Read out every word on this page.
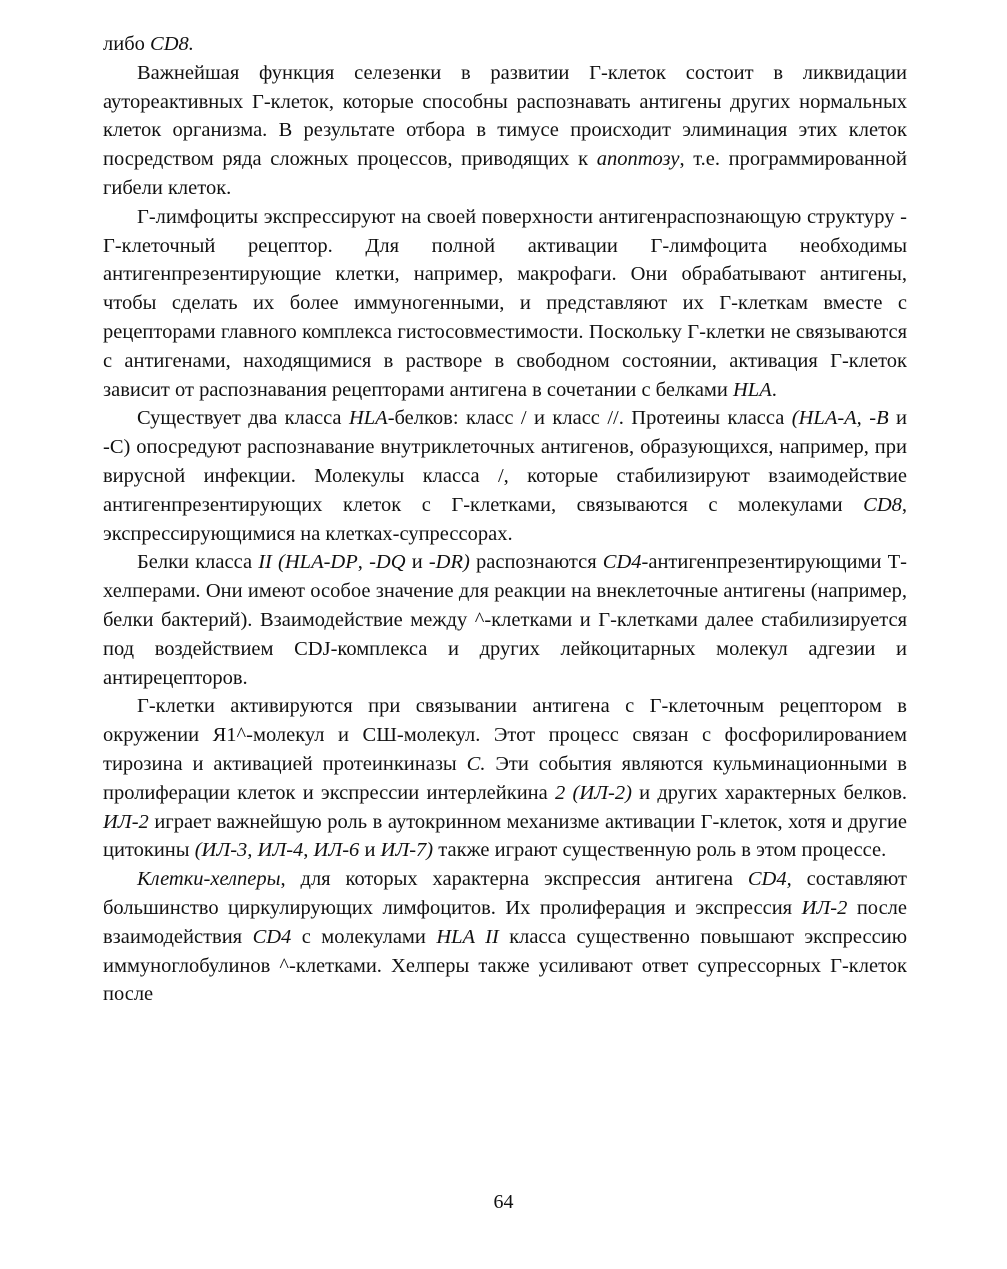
либо CD8.

Важнейшая функция селезенки в развитии Г-клеток состоит в ликвидации аутореактивных Г-клеток, которые способны распознавать антигены других нормальных клеток организма. В результате отбора в тимусе происходит элиминация этих клеток посредством ряда сложных процессов, приводящих к апоптозу, т.е. программированной гибели клеток.

Г-лимфоциты экспрессируют на своей поверхности антигенраспознающую структуру - Г-клеточный рецептор. Для полной активации Г-лимфоцита необходимы антигенпрезентирующие клетки, например, макрофаги. Они обрабатывают антигены, чтобы сделать их более иммуногенными, и представляют их Г-клеткам вместе с рецепторами главного комплекса гистосовместимости. Поскольку Г-клетки не связываются с антигенами, находящимися в растворе в свободном состоянии, активация Г-клеток зависит от распознавания рецепторами антигена в сочетании с белками HLA.

Существует два класса HLA-белков: класс / и класс //. Протеины класса (HLA-A, -B и -С) опосредуют распознавание внутриклеточных антигенов, образующихся, например, при вирусной инфекции. Молекулы класса /, которые стабилизируют взаимодействие антигенпрезентирующих клеток с Г-клетками, связываются с молекулами CD8, экспрессирующимися на клетках-супрессорах.

Белки класса II (HLA-DP, -DQ и -DR) распознаются CD4-антигенпрезентирующими Т-хелперами. Они имеют особое значение для реакции на внеклеточные антигены (например, белки бактерий). Взаимодействие между ^-клетками и Г-клетками далее стабилизируется под воздействием CDJ-комплекса и других лейкоцитарных молекул адгезии и антирецепторов.

Г-клетки активируются при связывании антигена с Г-клеточным рецептором в окружении Я1^-молекул и СШ-молекул. Этот процесс связан с фосфорилированием тирозина и активацией протеинкиназы С. Эти события являются кульминационными в пролиферации клеток и экспрессии интерлейкина 2 (ИЛ-2) и других характерных белков. ИЛ-2 играет важнейшую роль в аутокринном механизме активации Г-клеток, хотя и другие цитокины (ИЛ-3, ИЛ-4, ИЛ-6 и ИЛ-7) также играют существенную роль в этом процессе.

Клетки-хелперы, для которых характерна экспрессия антигена CD4, составляют большинство циркулирующих лимфоцитов. Их пролиферация и экспрессия ИЛ-2 после взаимодействия CD4 с молекулами HLA II класса существенно повышают экспрессию иммуноглобулинов ^-клетками. Хелперы также усиливают ответ супрессорных Г-клеток после

64
